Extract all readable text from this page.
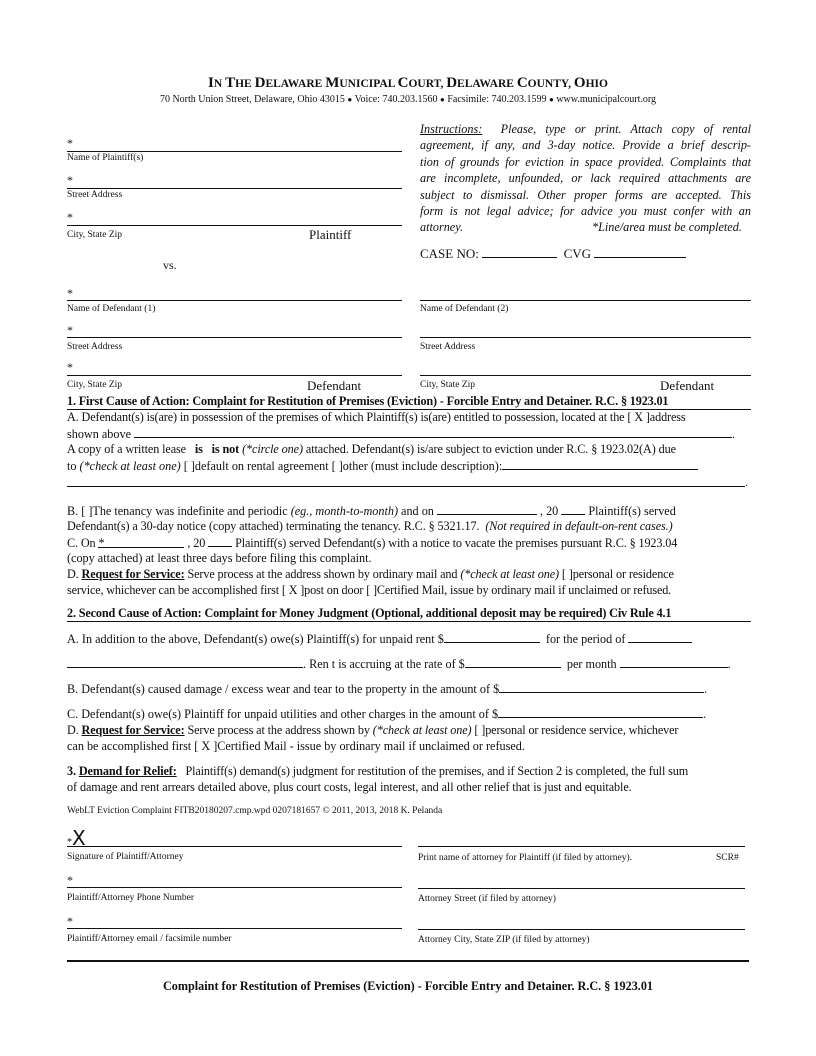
IN THE DELAWARE MUNICIPAL COURT, DELAWARE COUNTY, OHIO
70 North Union Street, Delaware, Ohio 43015 ● Voice: 740.203.1560 ● Facsimile: 740.203.1599 ● www.municipalcourt.org
*
Name of Plaintiff(s)
*
Street Address
*
City, State Zip	Plaintiff
vs.
Instructions: Please, type or print. Attach copy of rental
agreement, if any, and 3-day notice. Provide a brief descrip-
tion of grounds for eviction in space provided. Complaints that
are incomplete, unfounded, or lack required attachments are
subject to dismissal. Other proper forms are accepted. This
form is not legal advice; for advice you must confer with an
attorney.	*Line/area must be completed.
CASE NO:	CVG
*
Name of Defendant (1)
*
Street Address
*
City, State Zip	Defendant
Name of Defendant (2)
Street Address
City, State Zip	Defendant
1. First Cause of Action: Complaint for Restitution of Premises (Eviction) - Forcible Entry and Detainer. R.C. § 1923.01
A. Defendant(s) is(are) in possession of the premises of which Plaintiff(s) is(are) entitled to possession, located at the [ X ]address
shown above	.
A copy of a written lease is is not (*circle one) attached. Defendant(s) is/are subject to eviction under R.C. § 1923.02(A) due
to (*check at least one) [ ]default on rental agreement [ ]other (must include description):
.
B. [ ]The tenancy was indefinite and periodic (eg., month-to-month) and on	, 20 Plaintiff(s) served
Defendant(s) a 30-day notice (copy attached) terminating the tenancy. R.C. § 5321.17. (Not required in default-on-rent cases.)
C. On *	, 20 Plaintiff(s) served Defendant(s) with a notice to vacate the premises pursuant R.C. § 1923.04
(copy attached) at least three days before filing this complaint.
D. Request for Service: Serve process at the address shown by ordinary mail and (*check at least one) [ ]personal or residence
service, whichever can be accomplished first [ X ]post on door [ ]Certified Mail, issue by ordinary mail if unclaimed or refused.
2. Second Cause of Action: Complaint for Money Judgment (Optional, additional deposit may be required) Civ Rule 4.1
A. In addition to the above, Defendant(s) owe(s) Plaintiff(s) for unpaid rent $	for the period of
. Ren t is accruing at the rate of $	per month	.
B. Defendant(s) caused damage / excess wear and tear to the property in the amount of $	.
C. Defendant(s) owe(s) Plaintiff for unpaid utilities and other charges in the amount of $	.
D. Request for Service: Serve process at the address shown by (*check at least one) [ ]personal or residence service, whichever
can be accomplished first [ X ]Certified Mail - issue by ordinary mail if unclaimed or refused.
3. Demand for Relief: Plaintiff(s) demand(s) judgment for restitution of the premises, and if Section 2 is completed, the full sum
of damage and rent arrears detailed above, plus court costs, legal interest, and all other relief that is just and equitable.
WebLT Eviction Complaint FITB20180207.cmp.wpd 0207181657 © 2011, 2013, 2018 K. Pelanda
*X
Signature of Plaintiff/Attorney
*
Plaintiff/Attorney Phone Number
*
Plaintiff/Attorney email / facsimile number
Print name of attorney for Plaintiff (if filed by attorney).	SCR#
Attorney Street (if filed by attorney)
Attorney City, State ZIP (if filed by attorney)
Complaint for Restitution of Premises (Eviction) - Forcible Entry and Detainer. R.C. § 1923.01
